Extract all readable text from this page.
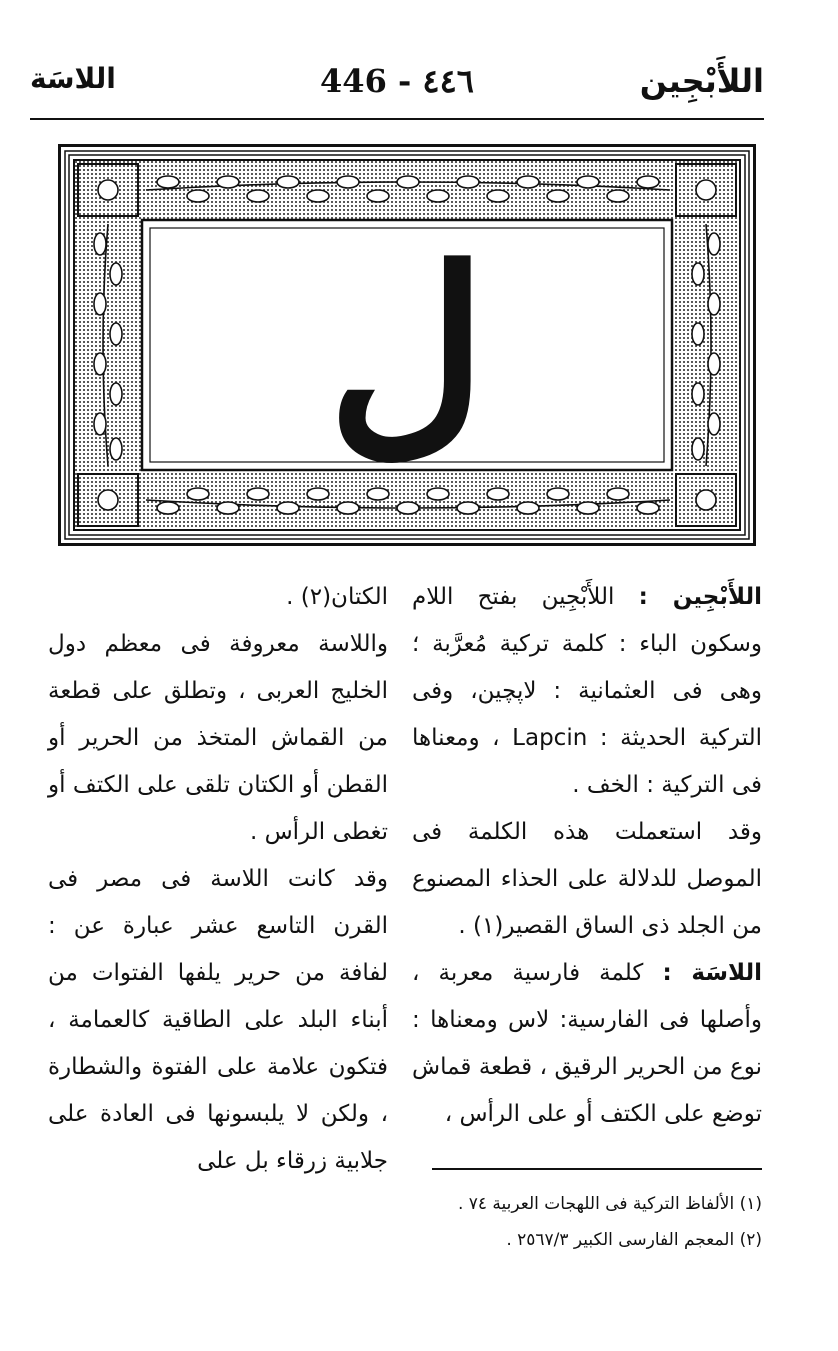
446 - ٤٤٦	اللأَبْجِين
اللاسَة
ل

اللأَبْجِين : اللأَبْجِين بفتح اللام وسكون الباء : كلمة تركية مُعرَّبة ؛ وهى فى العثمانية : لاپچين، وفى التركية الحديثة : Lapcin ، ومعناها فى التركية : الخف .

وقد استعملت هذه الكلمة فى الموصل للدلالة على الحذاء المصنوع من الجلد ذى الساق القصير(١) .

اللاسَة : كلمة فارسية معربة ، وأصلها فى الفارسية: لاس ومعناها : نوع من الحرير الرقيق ، قطعة قماش توضع على الكتف أو على الرأس ،

الكتان(٢) .

واللاسة معروفة فى معظم دول الخليج العربى ، وتطلق على قطعة من القماش المتخذ من الحرير أو القطن أو الكتان تلقى على الكتف أو تغطى الرأس .

وقد كانت اللاسة فى مصر فى القرن التاسع عشر عبارة عن : لفافة من حرير يلفها الفتوات من أبناء البلد على الطاقية كالعمامة ، فتكون علامة على الفتوة والشطارة ، ولكن لا يلبسونها فى العادة على جلابية زرقاء بل على

(١) الألفاظ التركية فى اللهجات العربية ٧٤ .
(٢) المعجم الفارسى الكبير ٢٥٦٧/٣ .
